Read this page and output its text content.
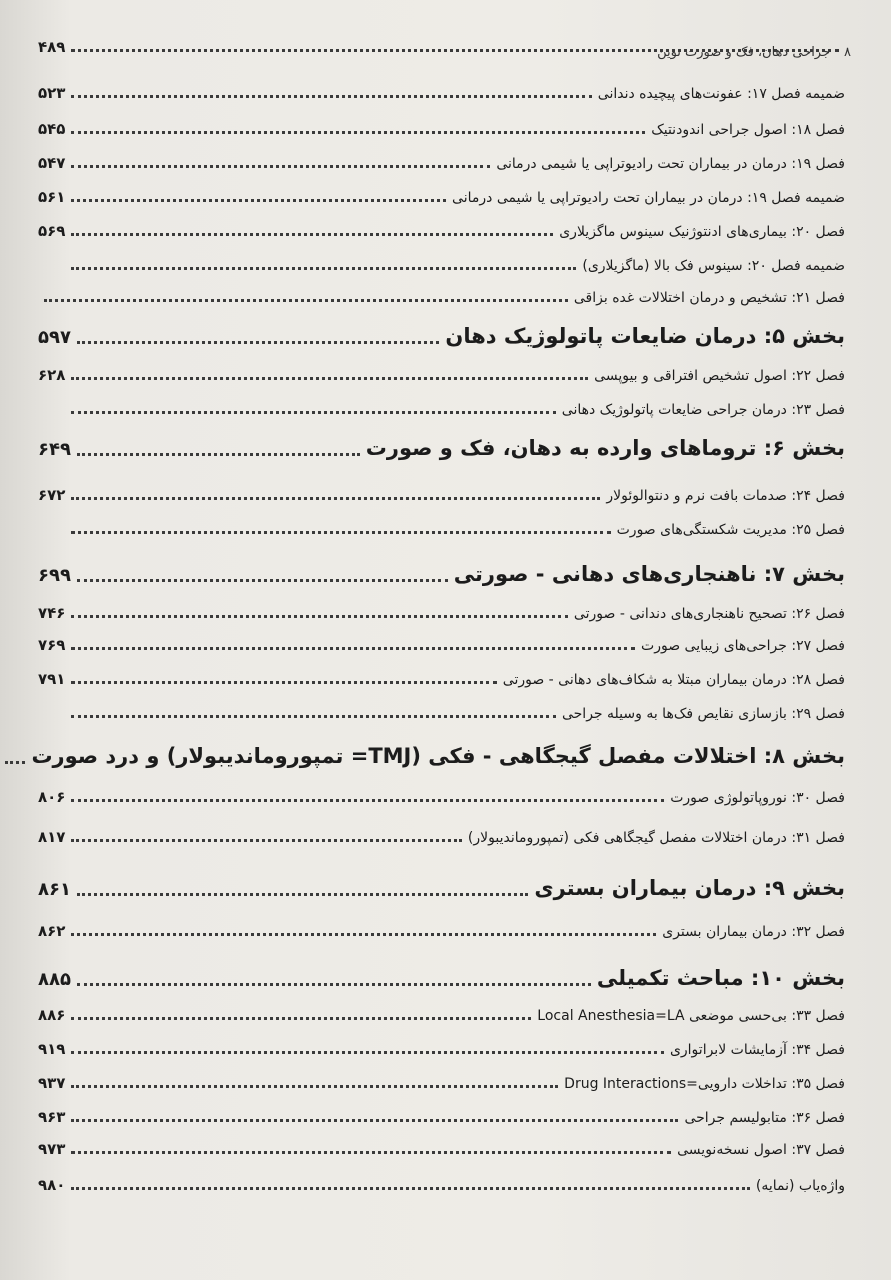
۸
جراحی دهان، فک و صورت نوین
۴۸۹
ضمیمه فصل ۱۷: عفونت‌های پیچیده دندانی
۵۲۳
فصل ۱۸: اصول جراحی اندودنتیک
۵۴۵
فصل ۱۹: درمان در بیماران تحت رادیوتراپی یا شیمی درمانی
۵۴۷
ضمیمه فصل ۱۹: درمان در بیماران تحت رادیوتراپی یا شیمی درمانی
۵۶۱
فصل ۲۰: بیماری‌های ادنتوژنیک سینوس ماگزیلاری
۵۶۹
ضمیمه فصل ۲۰: سینوس فک بالا (ماگزیلاری)
فصل ۲۱: تشخیص و درمان اختلالات غده بزاقی
بخش ۵: درمان ضایعات پاتولوژیک دهان
۵۹۷
فصل ۲۲: اصول تشخیص افتراقی و بیوپسی
۶۲۸
فصل ۲۳: درمان جراحی ضایعات پاتولوژیک دهانی
بخش ۶: تروماهای وارده به دهان، فک و صورت
۶۴۹
فصل ۲۴: صدمات بافت نرم و دنتوالوئولار
۶۷۲
فصل ۲۵: مدیریت شکستگی‌های صورت
بخش ۷: ناهنجاری‌های دهانی - صورتی
۶۹۹
فصل ۲۶: تصحیح ناهنجاری‌های دندانی - صورتی
۷۴۶
فصل ۲۷: جراحی‌های زیبایی صورت
۷۶۹
فصل ۲۸: درمان بیماران مبتلا به شکاف‌های دهانی - صورتی
۷۹۱
فصل ۲۹: بازسازی نقایص فک‌ها به وسیله جراحی
بخش ۸: اختلالات مفصل گیجگاهی - فکی (TMJ= تمپوروماندیبولار) و درد صورت
فصل ۳۰: نوروپاتولوژی صورت
۸۰۶
فصل ۳۱: درمان اختلالات مفصل گیجگاهی فکی (تمپوروماندیبولار)
۸۱۷
بخش ۹: درمان بیماران بستری
۸۶۱
فصل ۳۲: درمان بیماران بستری
۸۶۲
بخش ۱۰: مباحث تکمیلی
۸۸۵
فصل ۳۳: بی‌حسی موضعی Local Anesthesia=LA
۸۸۶
فصل ۳۴: آزمایشات لابراتواری
۹۱۹
فصل ۳۵: تداخلات دارویی=Drug Interactions
۹۳۷
فصل ۳۶: متابولیسم جراحی
۹۶۳
فصل ۳۷: اصول نسخه‌نویسی
۹۷۳
واژه‌یاب (نمایه)
۹۸۰
